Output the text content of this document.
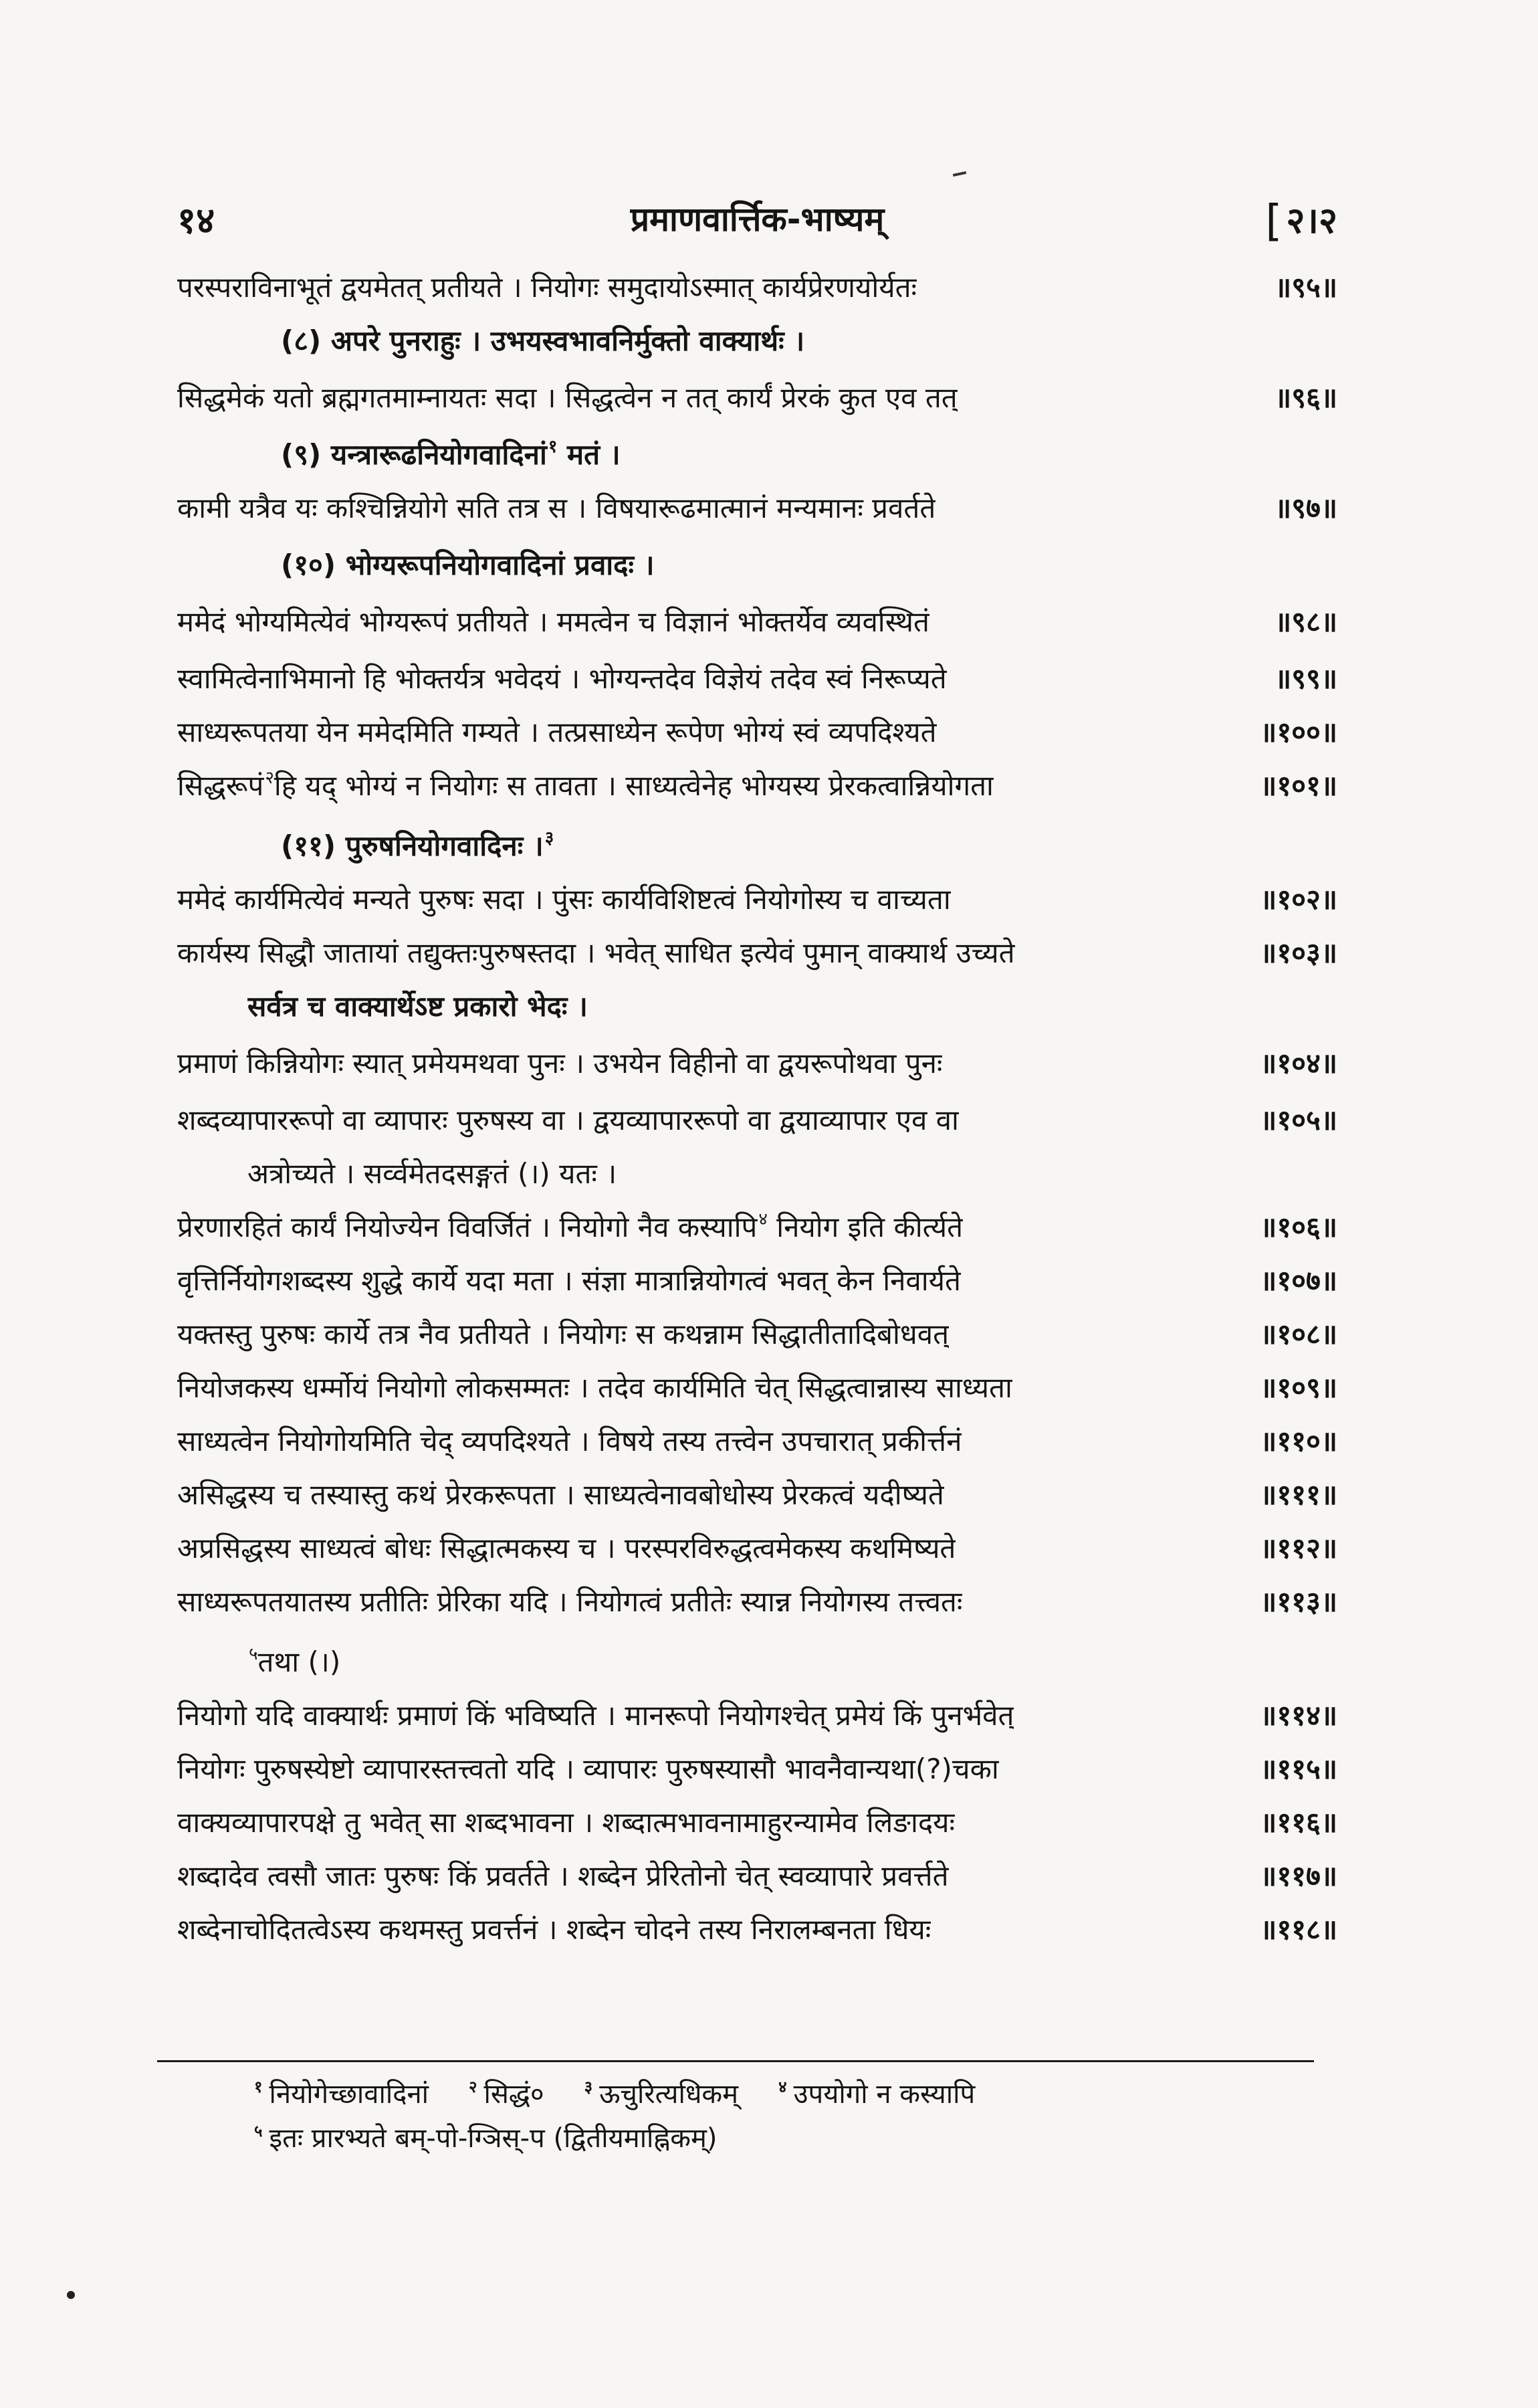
१४	प्रमाणवार्त्तिक-भाष्यम्	[ २।२
परस्पराविनाभूतं द्वयमेतत् प्रतीयते । नियोगः समुदायोऽस्मात् कार्यप्रेरणयोर्यतः	॥९५॥
(८) अपरे पुनराहुः । उभयस्वभावनिर्मुक्तो वाक्यार्थः ।
सिद्धमेकं यतो ब्रह्मगतमाम्नायतः सदा । सिद्धत्वेन न तत् कार्यं प्रेरकं कुत एव तत्	॥९६॥
(९) यन्त्रारूढनियोगवादिनां$^१$ मतं ।
कामी यत्रैव यः कश्चिन्नियोगे सति तत्र स । विषयारूढमात्मानं मन्यमानः प्रवर्तते	॥९७॥
(१०) भोग्यरूपनियोगवादिनां प्रवादः ।
ममेदं भोग्यमित्येवं भोग्यरूपं प्रतीयते । ममत्वेन च विज्ञानं भोक्तर्येव व्यवस्थितं	॥९८॥
स्वामित्वेनाभिमानो हि भोक्तर्यत्र भवेदयं । भोग्यन्तदेव विज्ञेयं तदेव स्वं निरूप्यते	॥९९॥
साध्यरूपतया येन ममेदमिति गम्यते । तत्प्रसाध्येन रूपेण भोग्यं स्वं व्यपदिश्यते	॥१००॥
सिद्धरूपं$^२$हि यद् भोग्यं न नियोगः स तावता । साध्यत्वेनेह भोग्यस्य प्रेरकत्वान्नियोगता	॥१०१॥
(११) पुरुषनियोगवादिनः ।$^३$
ममेदं कार्यमित्येवं मन्यते पुरुषः सदा । पुंसः कार्यविशिष्टत्वं नियोगोस्य च वाच्यता	॥१०२॥
कार्यस्य सिद्धौ जातायां तद्युक्तःपुरुषस्तदा । भवेत् साधित इत्येवं पुमान् वाक्यार्थ उच्यते	॥१०३॥
सर्वत्र च वाक्यार्थेऽष्ट प्रकारो भेदः ।
प्रमाणं किन्नियोगः स्यात् प्रमेयमथवा पुनः । उभयेन विहीनो वा द्वयरूपोथवा पुनः	॥१०४॥
शब्दव्यापाररूपो वा व्यापारः पुरुषस्य वा । द्वयव्यापाररूपो वा द्वयाव्यापार एव वा	॥१०५॥
अत्रोच्यते । सर्व्वमेतदसङ्गतं (।) यतः ।
प्रेरणारहितं कार्यं नियोज्येन विवर्जितं । नियोगो नैव कस्यापि$^४$ नियोग इति कीर्त्यते	॥१०६॥
वृत्तिर्नियोगशब्दस्य शुद्धे कार्ये यदा मता । संज्ञा मात्रान्नियोगत्वं भवत् केन निवार्यते	॥१०७॥
यक्तस्तु पुरुषः कार्ये तत्र नैव प्रतीयते । नियोगः स कथन्नाम सिद्धातीतादिबोधवत्	॥१०८॥
नियोजकस्य धर्म्मोयं नियोगो लोकसम्मतः । तदेव कार्यमिति चेत् सिद्धत्वान्नास्य साध्यता	॥१०९॥
साध्यत्वेन नियोगोयमिति चेद् व्यपदिश्यते । विषये तस्य तत्त्वेन उपचारात् प्रकीर्त्तनं	॥११०॥
असिद्धस्य च तस्यास्तु कथं प्रेरकरूपता । साध्यत्वेनावबोधोस्य प्रेरकत्वं यदीष्यते	॥१११॥
अप्रसिद्धस्य साध्यत्वं बोधः सिद्धात्मकस्य च । परस्परविरुद्धत्वमेकस्य कथमिष्यते	॥११२॥
साध्यरूपतयातस्य प्रतीतिः प्रेरिका यदि । नियोगत्वं प्रतीतेः स्यान्न नियोगस्य तत्त्वतः	॥११३॥
$^५$तथा (।)
नियोगो यदि वाक्यार्थः प्रमाणं किं भविष्यति । मानरूपो नियोगश्चेत् प्रमेयं किं पुनर्भवेत्	॥११४॥
नियोगः पुरुषस्येष्टो व्यापारस्तत्त्वतो यदि । व्यापारः पुरुषस्यासौ भावनैवान्यथा(?)चका	॥११५॥
वाक्यव्यापारपक्षे तु भवेत् सा शब्दभावना । शब्दात्मभावनामाहुरन्यामेव लिङादयः	॥११६॥
शब्दादेव त्वसौ जातः पुरुषः किं प्रवर्तते । शब्देन प्रेरितोनो चेत् स्वव्यापारे प्रवर्त्तते	॥११७॥
शब्देनाचोदितत्वेऽस्य कथमस्तु प्रवर्त्तनं । शब्देन चोदने तस्य निरालम्बनता धियः	॥११८॥
$^१$ नियोगेच्छावादिनां	$^२$ सिद्धं०	$^३$ ऊचुरित्यधिकम्	$^४$ उपयोगो न कस्यापि
$^५$ इतः प्रारभ्यते बम्-पो-ग्ञिस्-प (द्वितीयमाह्निकम्)
